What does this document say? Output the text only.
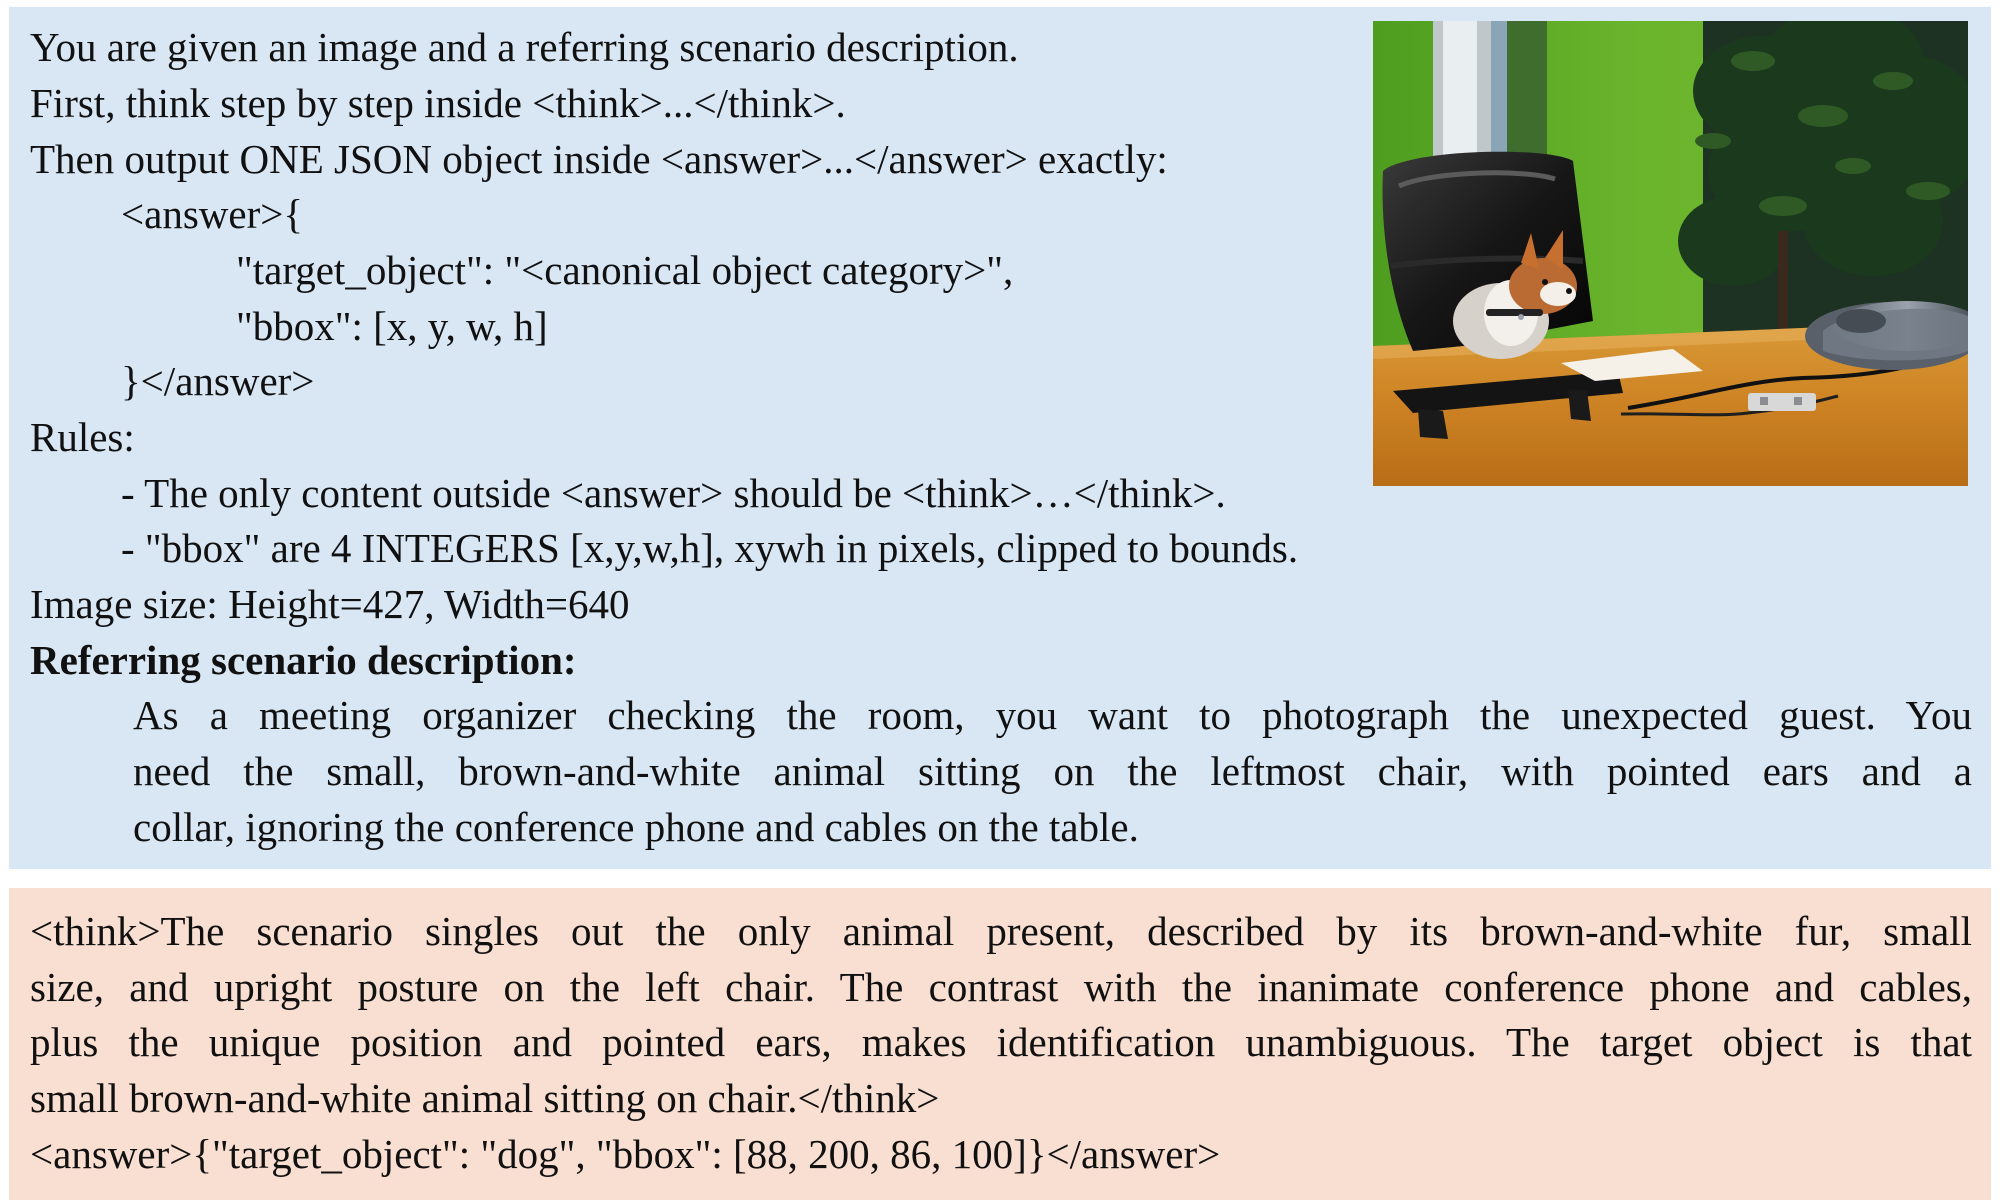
You are given an image and a referring scenario description.
First, think step by step inside <think>...</think>.
Then output ONE JSON object inside <answer>...</answer> exactly:
<answer>{
"target_object": "<canonical object category>",
"bbox": [x, y, w, h]
}</answer>
Rules:
- The only content outside <answer> should be <think>…</think>.
- "bbox" are 4 INTEGERS [x,y,w,h], xywh in pixels, clipped to bounds.
Image size: Height=427, Width=640
Referring scenario description:
As a meeting organizer checking the room, you want to photograph the unexpected guest. You
need the small, brown-and-white animal sitting on the leftmost chair, with pointed ears and a
collar, ignoring the conference phone and cables on the table.
<think>The scenario singles out the only animal present, described by its brown-and-white fur, small
size, and upright posture on the left chair. The contrast with the inanimate conference phone and cables,
plus the unique position and pointed ears, makes identification unambiguous. The target object is that
small brown-and-white animal sitting on chair.</think>
<answer>{"target_object": "dog", "bbox": [88, 200, 86, 100]}</answer>
